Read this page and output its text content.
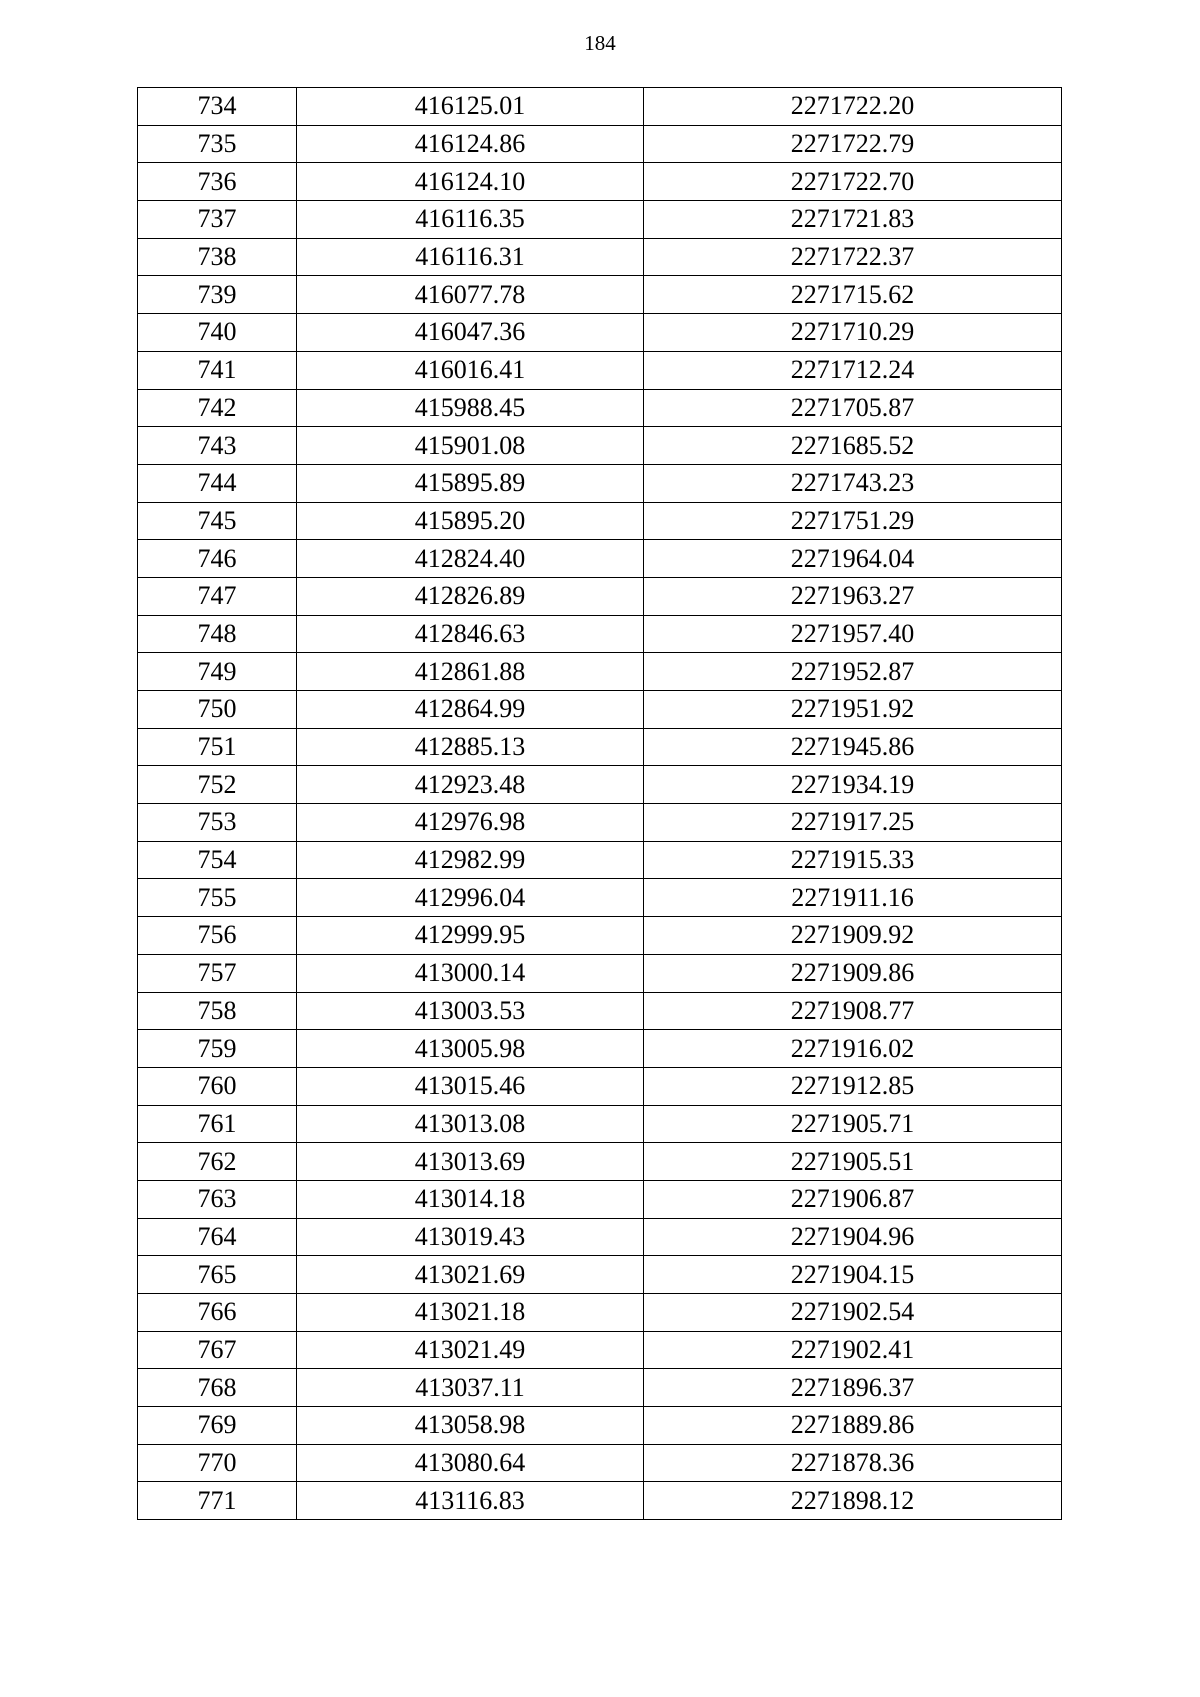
184
734	416125.01	2271722.20
735	416124.86	2271722.79
736	416124.10	2271722.70
737	416116.35	2271721.83
738	416116.31	2271722.37
739	416077.78	2271715.62
740	416047.36	2271710.29
741	416016.41	2271712.24
742	415988.45	2271705.87
743	415901.08	2271685.52
744	415895.89	2271743.23
745	415895.20	2271751.29
746	412824.40	2271964.04
747	412826.89	2271963.27
748	412846.63	2271957.40
749	412861.88	2271952.87
750	412864.99	2271951.92
751	412885.13	2271945.86
752	412923.48	2271934.19
753	412976.98	2271917.25
754	412982.99	2271915.33
755	412996.04	2271911.16
756	412999.95	2271909.92
757	413000.14	2271909.86
758	413003.53	2271908.77
759	413005.98	2271916.02
760	413015.46	2271912.85
761	413013.08	2271905.71
762	413013.69	2271905.51
763	413014.18	2271906.87
764	413019.43	2271904.96
765	413021.69	2271904.15
766	413021.18	2271902.54
767	413021.49	2271902.41
768	413037.11	2271896.37
769	413058.98	2271889.86
770	413080.64	2271878.36
771	413116.83	2271898.12
